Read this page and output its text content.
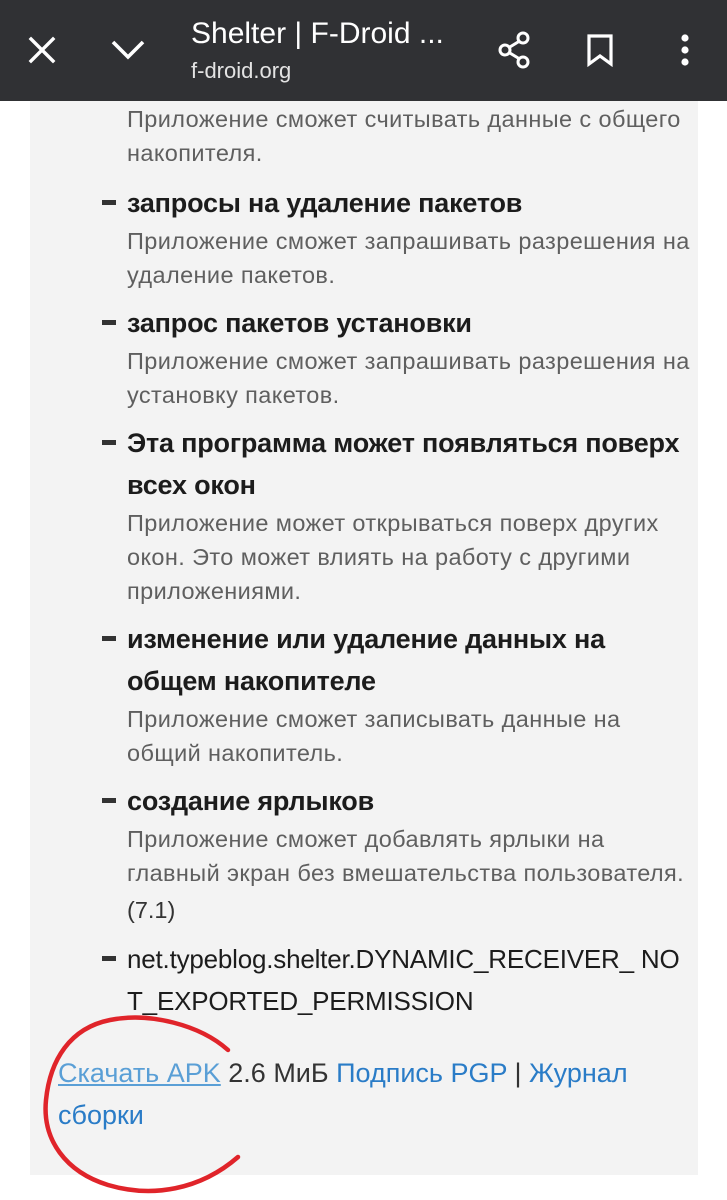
Shelter | F-Droid ...
f-droid.org
Приложение сможет считывать данные с общего накопителя.
запросы на удаление пакетов
Приложение сможет запрашивать разрешения на удаление пакетов.
запрос пакетов установки
Приложение сможет запрашивать разрешения на установку пакетов.
Эта программа может появляться поверх всех окон
Приложение может открываться поверх других окон. Это может влиять на работу с другими приложениями.
изменение или удаление данных на общем накопителе
Приложение сможет записывать данные на общий накопитель.
создание ярлыков
Приложение сможет добавлять ярлыки на главный экран без вмешательства пользователя.
(7.1)
net.typeblog.shelter.DYNAMIC_RECEIVER_ NOT_EXPORTED_PERMISSION
Скачать APK 2.6 МиБ Подпись PGP | Журнал сборки
